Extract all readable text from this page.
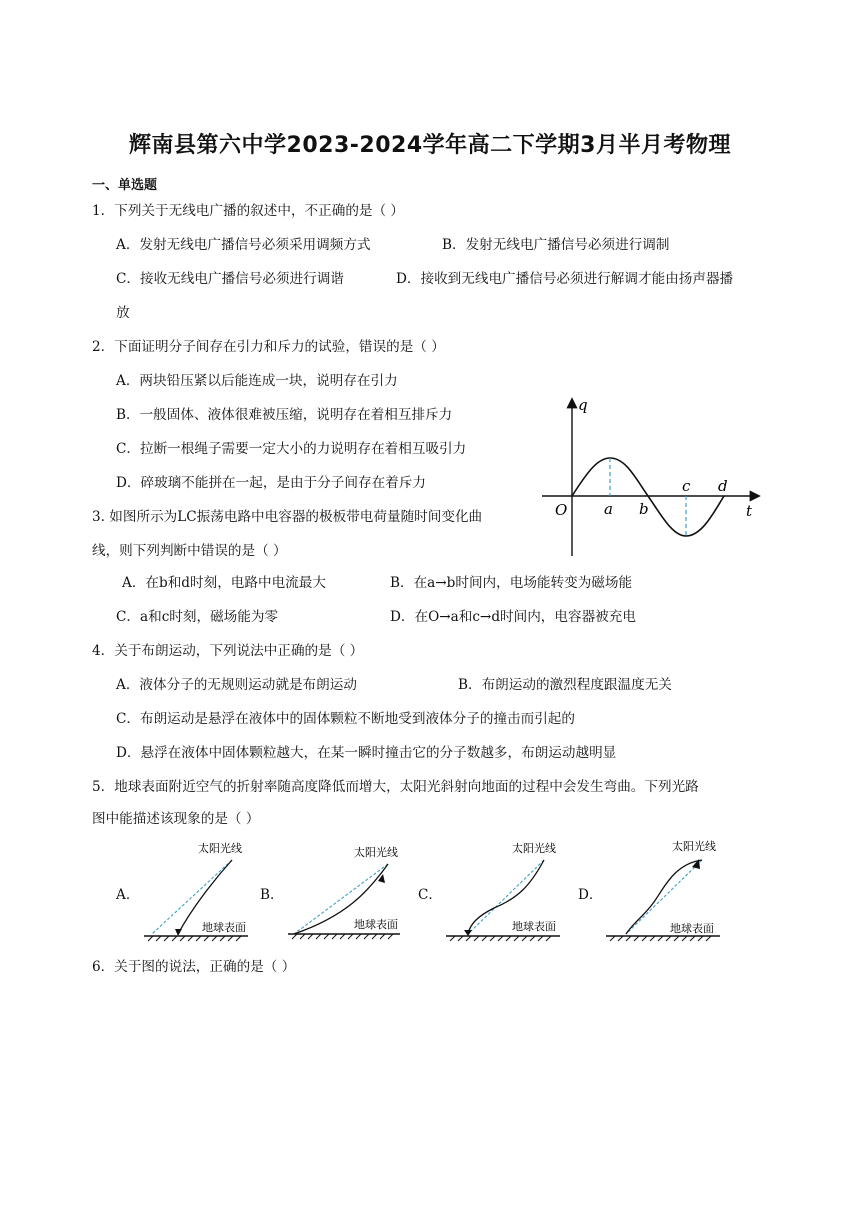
辉南县第六中学2023-2024学年高二下学期3月半月考物理
一、单选题
1．下列关于无线电广播的叙述中，不正确的是（ ）
A．发射无线电广播信号必须采用调频方式	B．发射无线电广播信号必须进行调制
C．接收无线电广播信号必须进行调谐	D．接收到无线电广播信号必须进行解调才能由扬声器播
放
2．下面证明分子间存在引力和斥力的试验，错误的是（ ）
A．两块铅压紧以后能连成一块，说明存在引力
B．一般固体、液体很难被压缩，说明存在着相互排斥力
C．拉断一根绳子需要一定大小的力说明存在着相互吸引力
D．碎玻璃不能拼在一起，是由于分子间存在着斥力
q
t
O a b
c d
3. 如图所示为LC振荡电路中电容器的极板带电荷量随时间变化曲
线，则下列判断中错误的是（ ）
A．在b和d时刻，电路中电流最大	B．在a→b时间内，电场能转变为磁场能
C．a和c时刻，磁场能为零	D．在O→a和c→d时间内，电容器被充电
4．关于布朗运动，下列说法中正确的是（ ）
A．液体分子的无规则运动就是布朗运动	B．布朗运动的激烈程度跟温度无关
C．布朗运动是悬浮在液体中的固体颗粒不断地受到液体分子的撞击而引起的
D．悬浮在液体中固体颗粒越大，在某一瞬时撞击它的分子数越多，布朗运动越明显
5．地球表面附近空气的折射率随高度降低而增大，太阳光斜射向地面的过程中会发生弯曲。下列光路
图中能描述该现象的是（ ）
A．	B．	C．	D．
太阳光线
地球表面
太阳光线
地球表面
太阳光线
地球表面
太阳光线
地球表面
6．关于图的说法，正确的是（ ）
